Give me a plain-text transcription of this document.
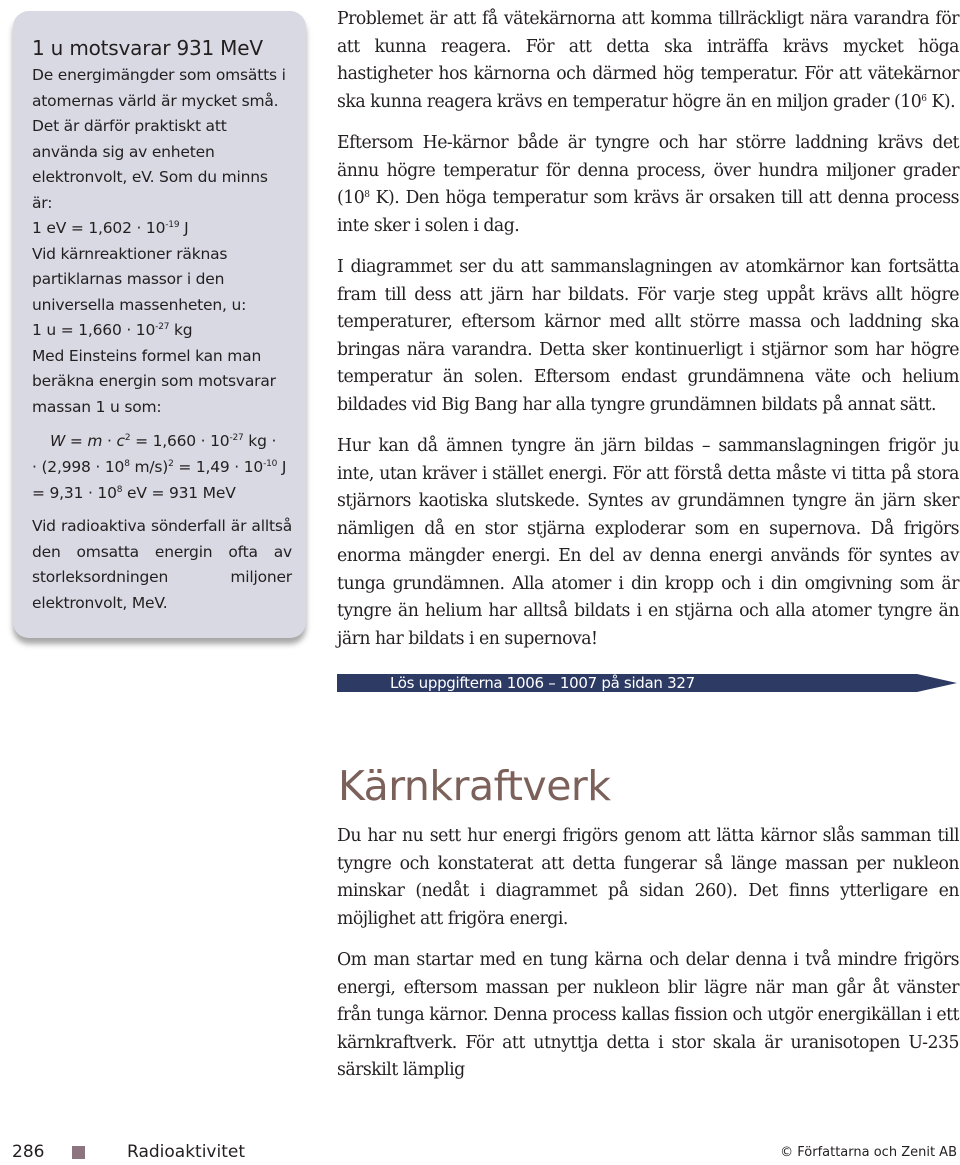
1 u motsvarar 931 MeV

De energimängder som omsätts i atomernas värld är mycket små. Det är därför praktiskt att använda sig av enheten elektronvolt, eV. Som du minns är:

1 eV = $1,602 \cdot 10^{-19}$ J

Vid kärnreaktioner räknas partiklarnas massor i den universella massenheten, u:

1 $u = 1,660 \cdot 10^{-27}$ kg

Med Einsteins formel kan man beräkna energin som motsvarar massan 1 u som:

$W = m \cdot c^2 = 1,660 \cdot 10^{-27}$ kg ·
· ($2,998 \cdot 10^8$ $m/s)^2 = 1,49 \cdot 10^{-10}$ J
= $9,31 \cdot 10^8$ eV = 931 MeV

Vid radioaktiva sönderfall är alltså den omsatta energin ofta av storleksordningen miljoner elektronvolt, MeV.

Problemet är att få vätekärnorna att komma tillräckligt nära varandra för att kunna reagera. För att detta ska inträffa krävs mycket höga hastigheter hos kärnorna och därmed hög temperatur. För att vätekärnor ska kunna reagera krävs en temperatur högre än en miljon grader ($10^6$ K).

Eftersom He-kärnor både är tyngre och har större laddning krävs det ännu högre temperatur för denna process, över hundra miljoner grader ($10^8$ K). Den höga temperatur som krävs är orsaken till att denna process inte sker i solen i dag.

I diagrammet ser du att sammanslagningen av atomkärnor kan fortsätta fram till dess att järn har bildats. För varje steg uppåt krävs allt högre temperaturer, eftersom kärnor med allt större massa och laddning ska bringas nära varandra. Detta sker kontinuerligt i stjärnor som har högre temperatur än solen. Eftersom endast grundämnena väte och helium bildades vid Big Bang har alla tyngre grundämnen bildats på annat sätt.

Hur kan då ämnen tyngre än järn bildas – sammanslagningen frigör ju inte, utan kräver i stället energi. För att förstå detta måste vi titta på stora stjärnors kaotiska slutskede. Syntes av grundämnen tyngre än järn sker nämligen då en stor stjärna exploderar som en supernova. Då frigörs enorma mängder energi. En del av denna energi används för syntes av tunga grundämnen. Alla atomer i din kropp och i din omgivning som är tyngre än helium har alltså bildats i en stjärna och alla atomer tyngre än järn har bildats i en supernova!

Lös uppgifterna 1006 – 1007 på sidan 327
Kärnkraftverk

Du har nu sett hur energi frigörs genom att lätta kärnor slås samman till tyngre och konstaterat att detta fungerar så länge massan per nukleon minskar (nedåt i diagrammet på sidan 260). Det finns ytterligare en möjlighet att frigöra energi.

Om man startar med en tung kärna och delar denna i två mindre frigörs energi, eftersom massan per nukleon blir lägre när man går åt vänster från tunga kärnor. Denna process kallas fission och utgör energikällan i ett kärnkraftverk. För att utnyttja detta i stor skala är uranisotopen U-235 särskilt lämplig

286	Radioaktivitet	© Författarna och Zenit AB
